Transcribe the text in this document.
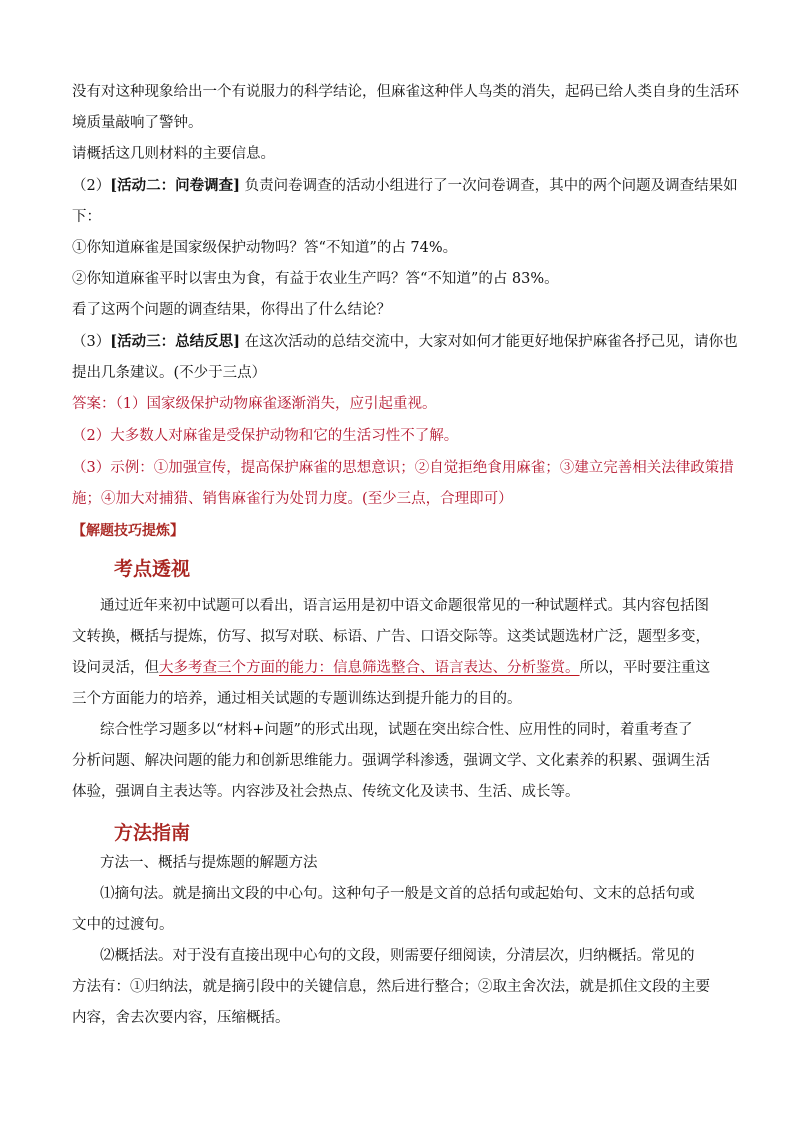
没有对这种现象给出一个有说服力的科学结论，但麻雀这种伴人鸟类的消失，起码已给人类自身的生活环
境质量敲响了警钟。
请概括这几则材料的主要信息。
（2）[活动二：问卷调查] 负责问卷调查的活动小组进行了一次问卷调查，其中的两个问题及调查结果如
下：
①你知道麻雀是国家级保护动物吗？答“不知道”的占 74%。
②你知道麻雀平时以害虫为食，有益于农业生产吗？答“不知道”的占 83%。
看了这两个问题的调查结果，你得出了什么结论？
（3）[活动三：总结反思] 在这次活动的总结交流中，大家对如何才能更好地保护麻雀各抒己见，请你也
提出几条建议。(不少于三点）
答案：（1）国家级保护动物麻雀逐渐消失，应引起重视。
（2）大多数人对麻雀是受保护动物和它的生活习性不了解。
（3）示例：①加强宣传，提高保护麻雀的思想意识；②自觉拒绝食用麻雀；③建立完善相关法律政策措
施；④加大对捕猎、销售麻雀行为处罚力度。(至少三点，合理即可）
【解题技巧提炼】
考点透视
通过近年来初中试题可以看出，语言运用是初中语文命题很常见的一种试题样式。其内容包括图
文转换，概括与提炼，仿写、拟写对联、标语、广告、口语交际等。这类试题选材广泛，题型多变，
设问灵活，但大多考查三个方面的能力：信息筛选整合、语言表达、分析鉴赏。所以，平时要注重这
三个方面能力的培养，通过相关试题的专题训练达到提升能力的目的。
综合性学习题多以“材料+问题”的形式出现，试题在突出综合性、应用性的同时，着重考查了
分析问题、解决问题的能力和创新思维能力。强调学科渗透，强调文学、文化素养的积累、强调生活
体验，强调自主表达等。内容涉及社会热点、传统文化及读书、生活、成长等。
方法指南
方法一、概括与提炼题的解题方法
⑴摘句法。就是摘出文段的中心句。这种句子一般是文首的总括句或起始句、文末的总括句或
文中的过渡句。
⑵概括法。对于没有直接出现中心句的文段，则需要仔细阅读，分清层次，归纳概括。常见的
方法有：①归纳法，就是摘引段中的关键信息，然后进行整合；②取主舍次法，就是抓住文段的主要
内容，舍去次要内容，压缩概括。
